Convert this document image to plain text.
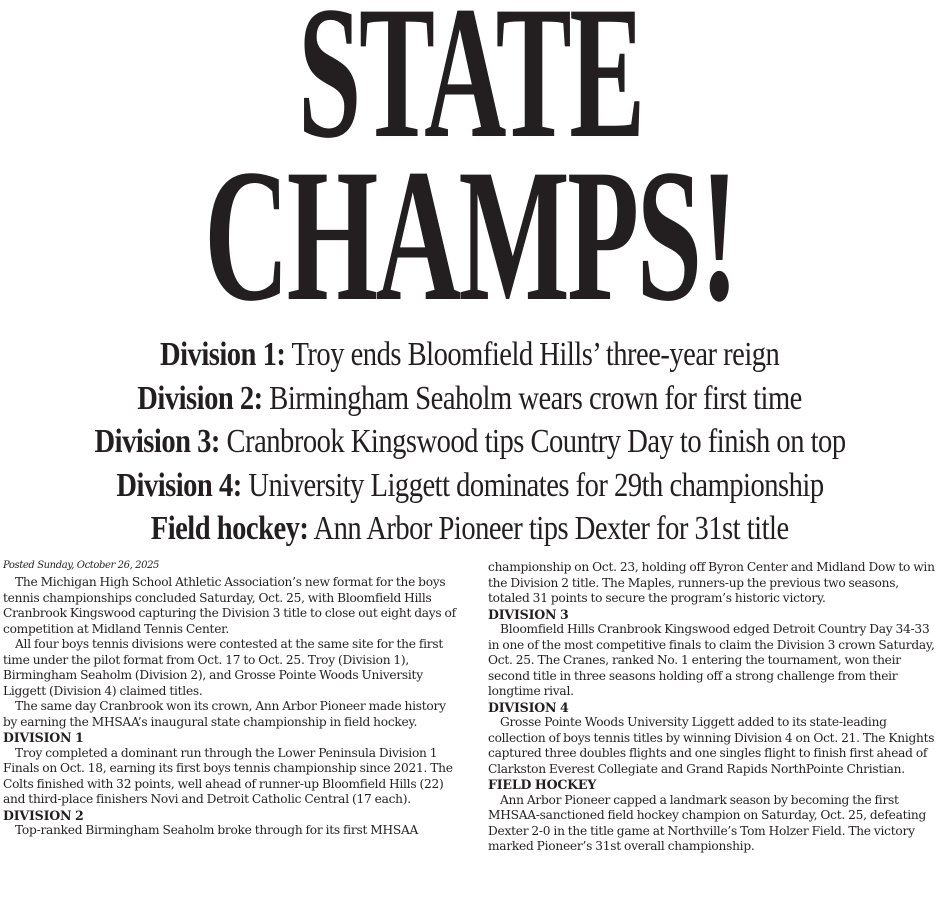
STATE
CHAMPS!
Division 1: Troy ends Bloomfield Hills’ three-year reign
Division 2: Birmingham Seaholm wears crown for first time
Division 3: Cranbrook Kingswood tips Country Day to finish on top
Division 4: University Liggett dominates for 29th championship
Field hockey: Ann Arbor Pioneer tips Dexter for 31st title
Posted Sunday, October 26, 2025

The Michigan High School Athletic Association’s new format for the boys tennis championships concluded Saturday, Oct. 25, with Bloomfield Hills Cranbrook Kingswood capturing the Division 3 title to close out eight days of competition at Midland Tennis Center.

All four boys tennis divisions were contested at the same site for the first time under the pilot format from Oct. 17 to Oct. 25. Troy (Division 1), Birmingham Seaholm (Division 2), and Grosse Pointe Woods University Liggett (Division 4) claimed titles.

The same day Cranbrook won its crown, Ann Arbor Pioneer made history by earning the MHSAA’s inaugural state championship in field hockey.

DIVISION 1

Troy completed a dominant run through the Lower Peninsula Division 1 Finals on Oct. 18, earning its first boys tennis championship since 2021. The Colts finished with 32 points, well ahead of runner-up Bloomfield Hills (22) and third-place finishers Novi and Detroit Catholic Central (17 each).

DIVISION 2

Top-ranked Birmingham Seaholm broke through for its first MHSAA

championship on Oct. 23, holding off Byron Center and Midland Dow to win the Division 2 title. The Maples, runners-up the previous two seasons, totaled 31 points to secure the program’s historic victory.

DIVISION 3

Bloomfield Hills Cranbrook Kingswood edged Detroit Country Day 34-33 in one of the most competitive finals to claim the Division 3 crown Saturday, Oct. 25. The Cranes, ranked No. 1 entering the tournament, won their second title in three seasons holding off a strong challenge from their longtime rival.

DIVISION 4

Grosse Pointe Woods University Liggett added to its state-leading collection of boys tennis titles by winning Division 4 on Oct. 21. The Knights captured three doubles flights and one singles flight to finish first ahead of Clarkston Everest Collegiate and Grand Rapids NorthPointe Christian.

FIELD HOCKEY

Ann Arbor Pioneer capped a landmark season by becoming the first MHSAA-sanctioned field hockey champion on Saturday, Oct. 25, defeating Dexter 2-0 in the title game at Northville’s Tom Holzer Field. The victory marked Pioneer’s 31st overall championship.
